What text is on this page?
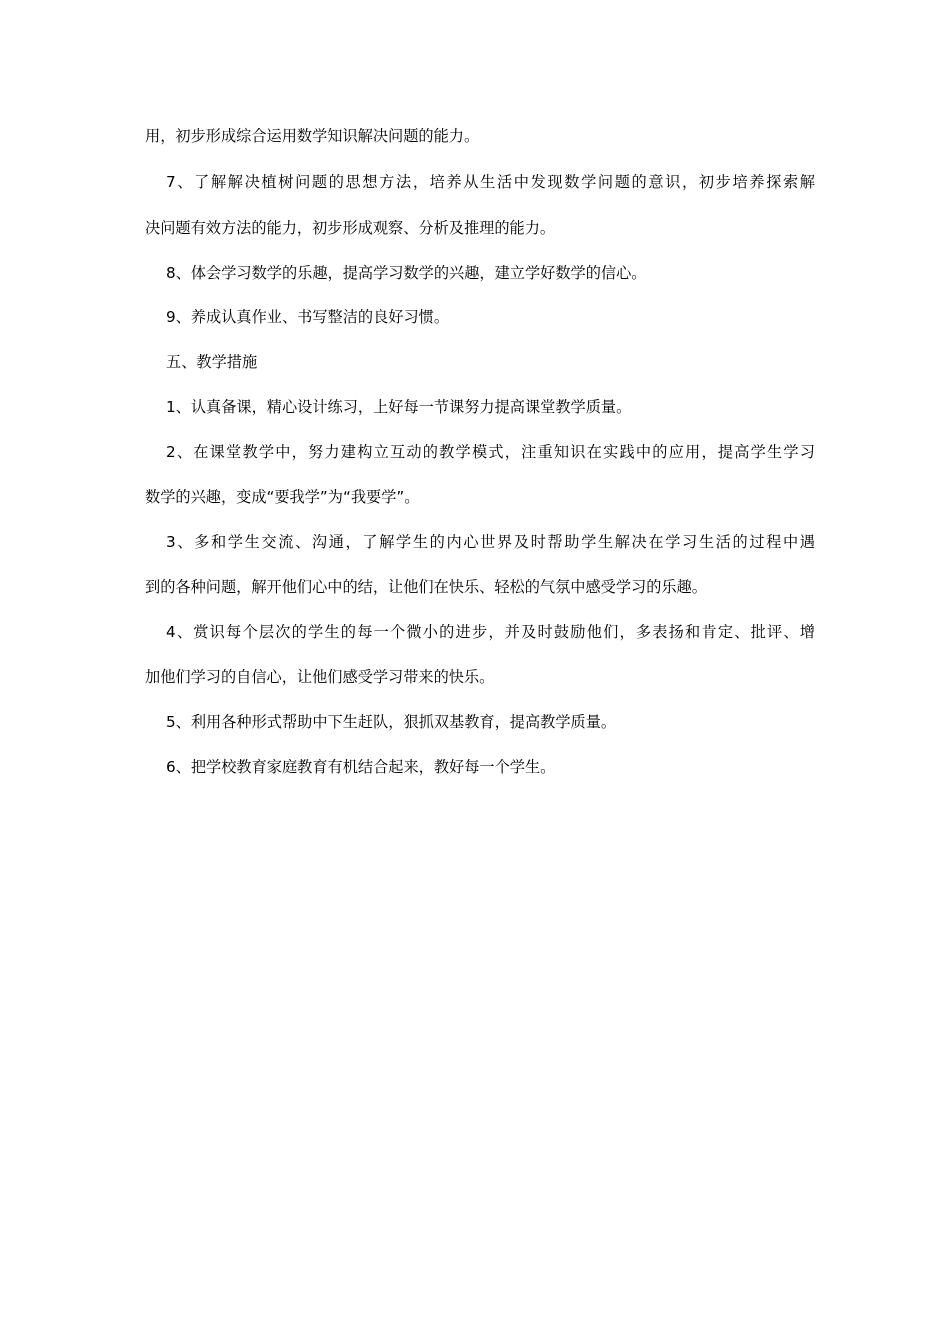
用，初步形成综合运用数学知识解决问题的能力。
7、了解解决植树问题的思想方法，培养从生活中发现数学问题的意识，初步培养探索解
决问题有效方法的能力，初步形成观察、分析及推理的能力。
8、体会学习数学的乐趣，提高学习数学的兴趣，建立学好数学的信心。
9、养成认真作业、书写整洁的良好习惯。
五、教学措施
1、认真备课，精心设计练习，上好每一节课努力提高课堂教学质量。
2、在课堂教学中，努力建构立互动的教学模式，注重知识在实践中的应用，提高学生学习
数学的兴趣，变成“要我学”为“我要学”。
3、多和学生交流、沟通，了解学生的内心世界及时帮助学生解决在学习生活的过程中遇
到的各种问题，解开他们心中的结，让他们在快乐、轻松的气氛中感受学习的乐趣。
4、赏识每个层次的学生的每一个微小的进步，并及时鼓励他们，多表扬和肯定、批评、增
加他们学习的自信心，让他们感受学习带来的快乐。
5、利用各种形式帮助中下生赶队，狠抓双基教育，提高教学质量。
6、把学校教育家庭教育有机结合起来，教好每一个学生。
